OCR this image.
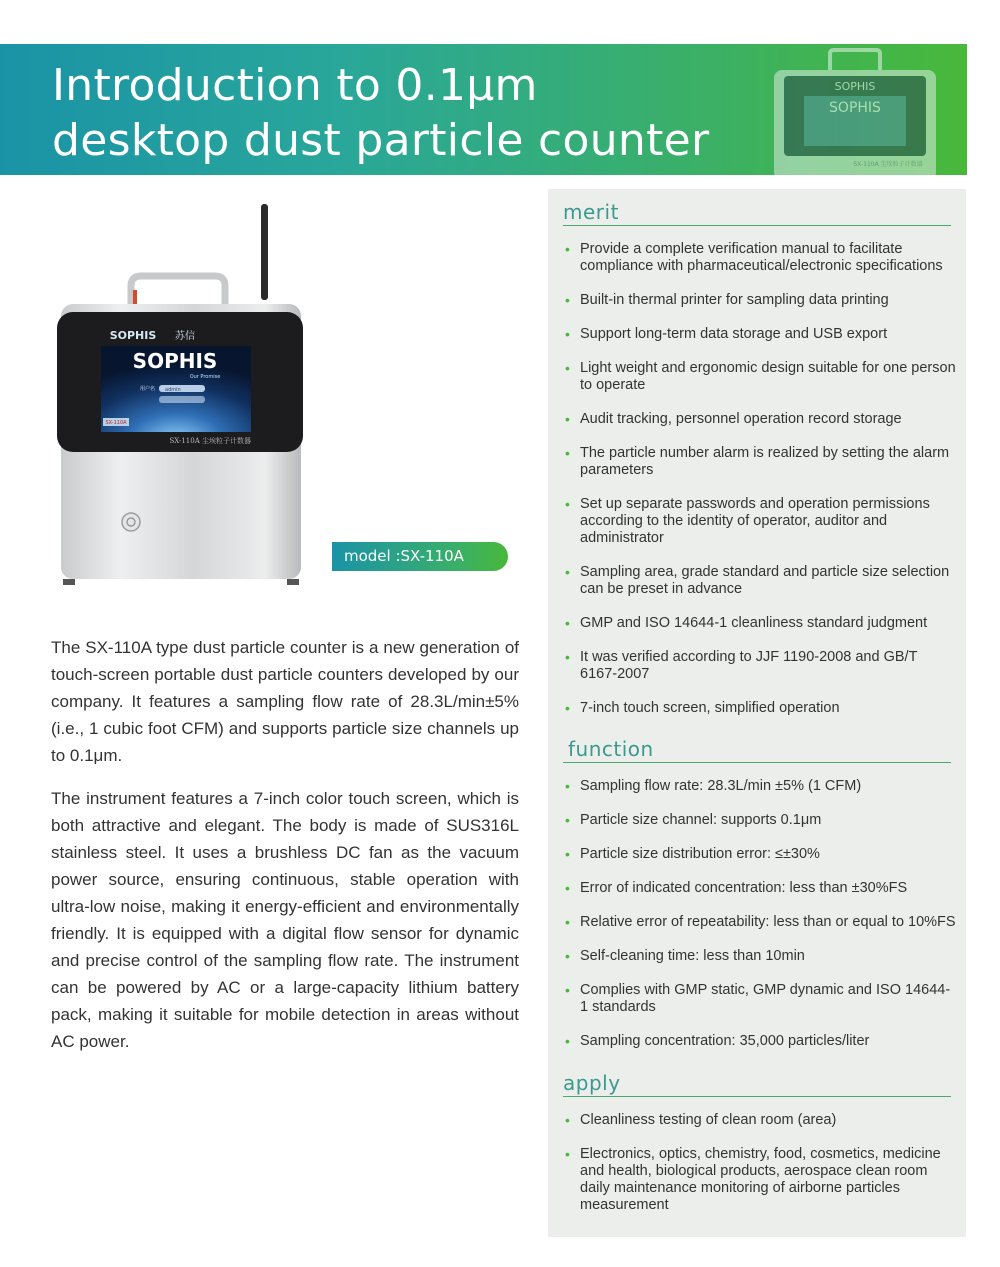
Introduction to 0.1μm
desktop dust particle counter
SOPHIS
SOPHIS
SX-110A 尘埃粒子计数器
SOPHIS 苏信
SOPHIS
Our Promise
用户名 admin
SX-110A
SX-110A 尘埃粒子计数器
model :SX-110A

The SX-110A type dust particle counter is a new generation of touch-screen portable dust particle counters developed by our company. It features a sampling flow rate of 28.3L/min±5% (i.e., 1 cubic foot CFM) and supports particle size channels up to 0.1μm.

The instrument features a 7-inch color touch screen, which is both attractive and elegant. The body is made of SUS316L stainless steel. It uses a brushless DC fan as the vacuum power source, ensuring continuous, stable operation with ultra-low noise, making it energy-efficient and environmentally friendly. It is equipped with a digital flow sensor for dynamic and precise control of the sampling flow rate. The instrument can be powered by AC or a large-capacity lithium battery pack, making it suitable for mobile detection in areas without AC power.

merit
• Provide a complete verification manual to facilitate compliance with pharmaceutical/electronic specifications
• Built-in thermal printer for sampling data printing
• Support long-term data storage and USB export
• Light weight and ergonomic design suitable for one person to operate
• Audit tracking, personnel operation record storage
• The particle number alarm is realized by setting the alarm parameters
• Set up separate passwords and operation permissions according to the identity of operator, auditor and administrator
• Sampling area, grade standard and particle size selection can be preset in advance
• GMP and ISO 14644-1 cleanliness standard judgment
• It was verified according to JJF 1190-2008 and GB/T 6167-2007
• 7-inch touch screen, simplified operation
function
• Sampling flow rate: 28.3L/min ±5% (1 CFM)
• Particle size channel: supports 0.1μm
• Particle size distribution error: ≤±30%
• Error of indicated concentration: less than ±30%FS
• Relative error of repeatability: less than or equal to 10%FS
• Self-cleaning time: less than 10min
• Complies with GMP static, GMP dynamic and ISO 14644-1 standards
• Sampling concentration: 35,000 particles/liter
apply
• Cleanliness testing of clean room (area)
• Electronics, optics, chemistry, food, cosmetics, medicine and health, biological products, aerospace clean room daily maintenance monitoring of airborne particles measurement
